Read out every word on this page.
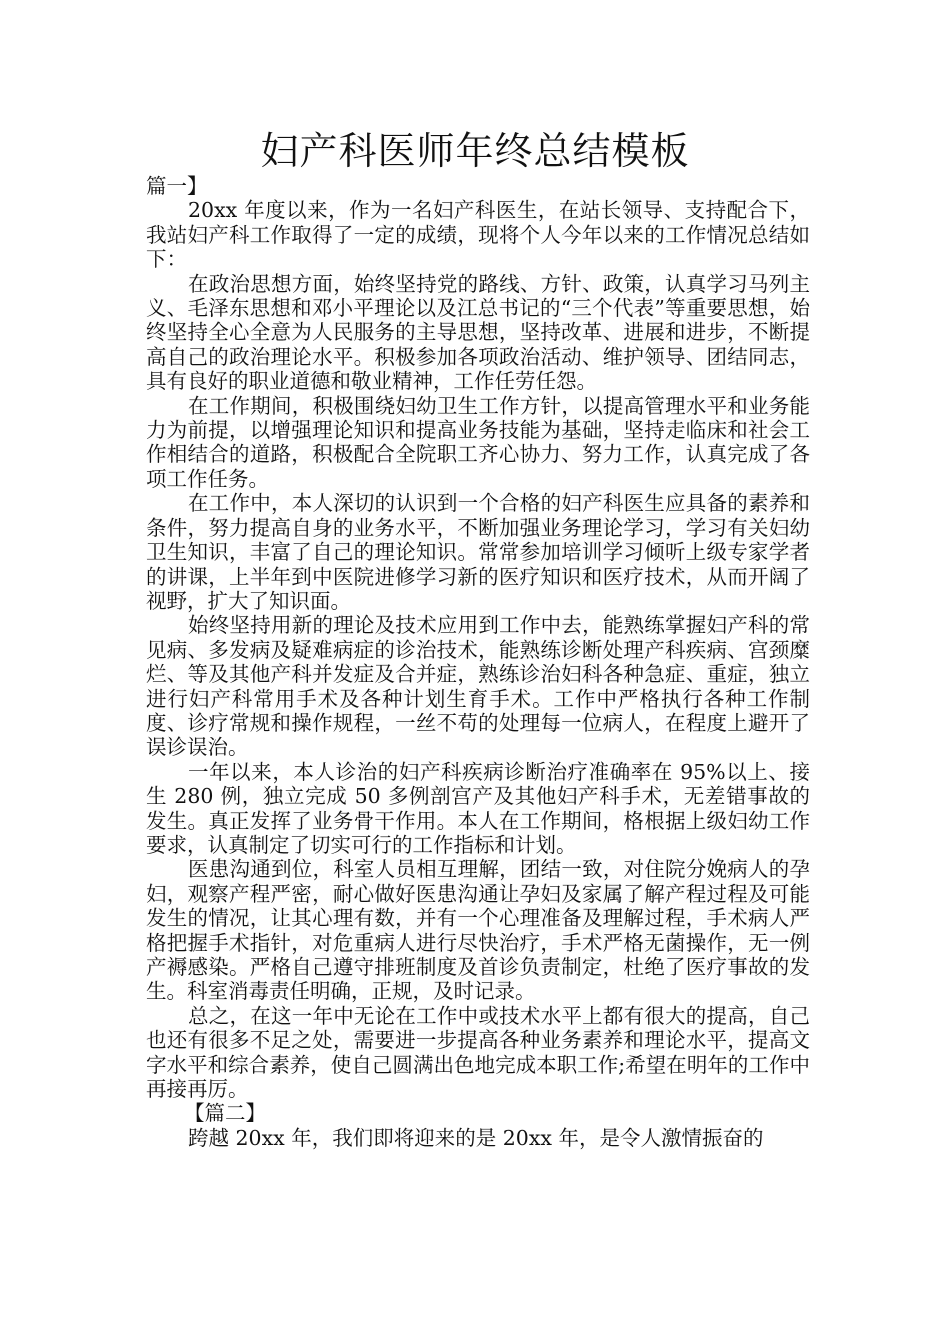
妇产科医师年终总结模板

篇一】

20xx 年度以来，作为一名妇产科医生，在站长领导、支持配合下，我站妇产科工作取得了一定的成绩，现将个人今年以来的工作情况总结如下：

在政治思想方面，始终坚持党的路线、方针、政策，认真学习马列主义、毛泽东思想和邓小平理论以及江总书记的“三个代表”等重要思想，始终坚持全心全意为人民服务的主导思想，坚持改革、进展和进步，不断提高自己的政治理论水平。积极参加各项政治活动、维护领导、团结同志，具有良好的职业道德和敬业精神，工作任劳任怨。

在工作期间，积极围绕妇幼卫生工作方针，以提高管理水平和业务能力为前提，以增强理论知识和提高业务技能为基础，坚持走临床和社会工作相结合的道路，积极配合全院职工齐心协力、努力工作，认真完成了各项工作任务。

在工作中，本人深切的认识到一个合格的妇产科医生应具备的素养和条件，努力提高自身的业务水平，不断加强业务理论学习，学习有关妇幼卫生知识，丰富了自己的理论知识。常常参加培训学习倾听上级专家学者的讲课，上半年到中医院进修学习新的医疗知识和医疗技术，从而开阔了视野，扩大了知识面。

始终坚持用新的理论及技术应用到工作中去，能熟练掌握妇产科的常见病、多发病及疑难病症的诊治技术，能熟练诊断处理产科疾病、宫颈糜烂、等及其他产科并发症及合并症，熟练诊治妇科各种急症、重症，独立进行妇产科常用手术及各种计划生育手术。工作中严格执行各种工作制度、诊疗常规和操作规程，一丝不苟的处理每一位病人，在程度上避开了误诊误治。

一年以来，本人诊治的妇产科疾病诊断治疗准确率在 95%以上、接生 280 例，独立完成 50 多例剖宫产及其他妇产科手术，无差错事故的发生。真正发挥了业务骨干作用。本人在工作期间，格根据上级妇幼工作要求，认真制定了切实可行的工作指标和计划。

医患沟通到位，科室人员相互理解，团结一致，对住院分娩病人的孕妇，观察产程严密，耐心做好医患沟通让孕妇及家属了解产程过程及可能发生的情况，让其心理有数，并有一个心理准备及理解过程，手术病人严格把握手术指针，对危重病人进行尽快治疗，手术严格无菌操作，无一例产褥感染。严格自己遵守排班制度及首诊负责制定，杜绝了医疗事故的发生。科室消毒责任明确，正规，及时记录。

总之，在这一年中无论在工作中或技术水平上都有很大的提高，自己也还有很多不足之处，需要进一步提高各种业务素养和理论水平，提高文字水平和综合素养，使自己圆满出色地完成本职工作;希望在明年的工作中再接再厉。

【篇二】

跨越 20xx 年，我们即将迎来的是 20xx 年，是令人激情振奋的
